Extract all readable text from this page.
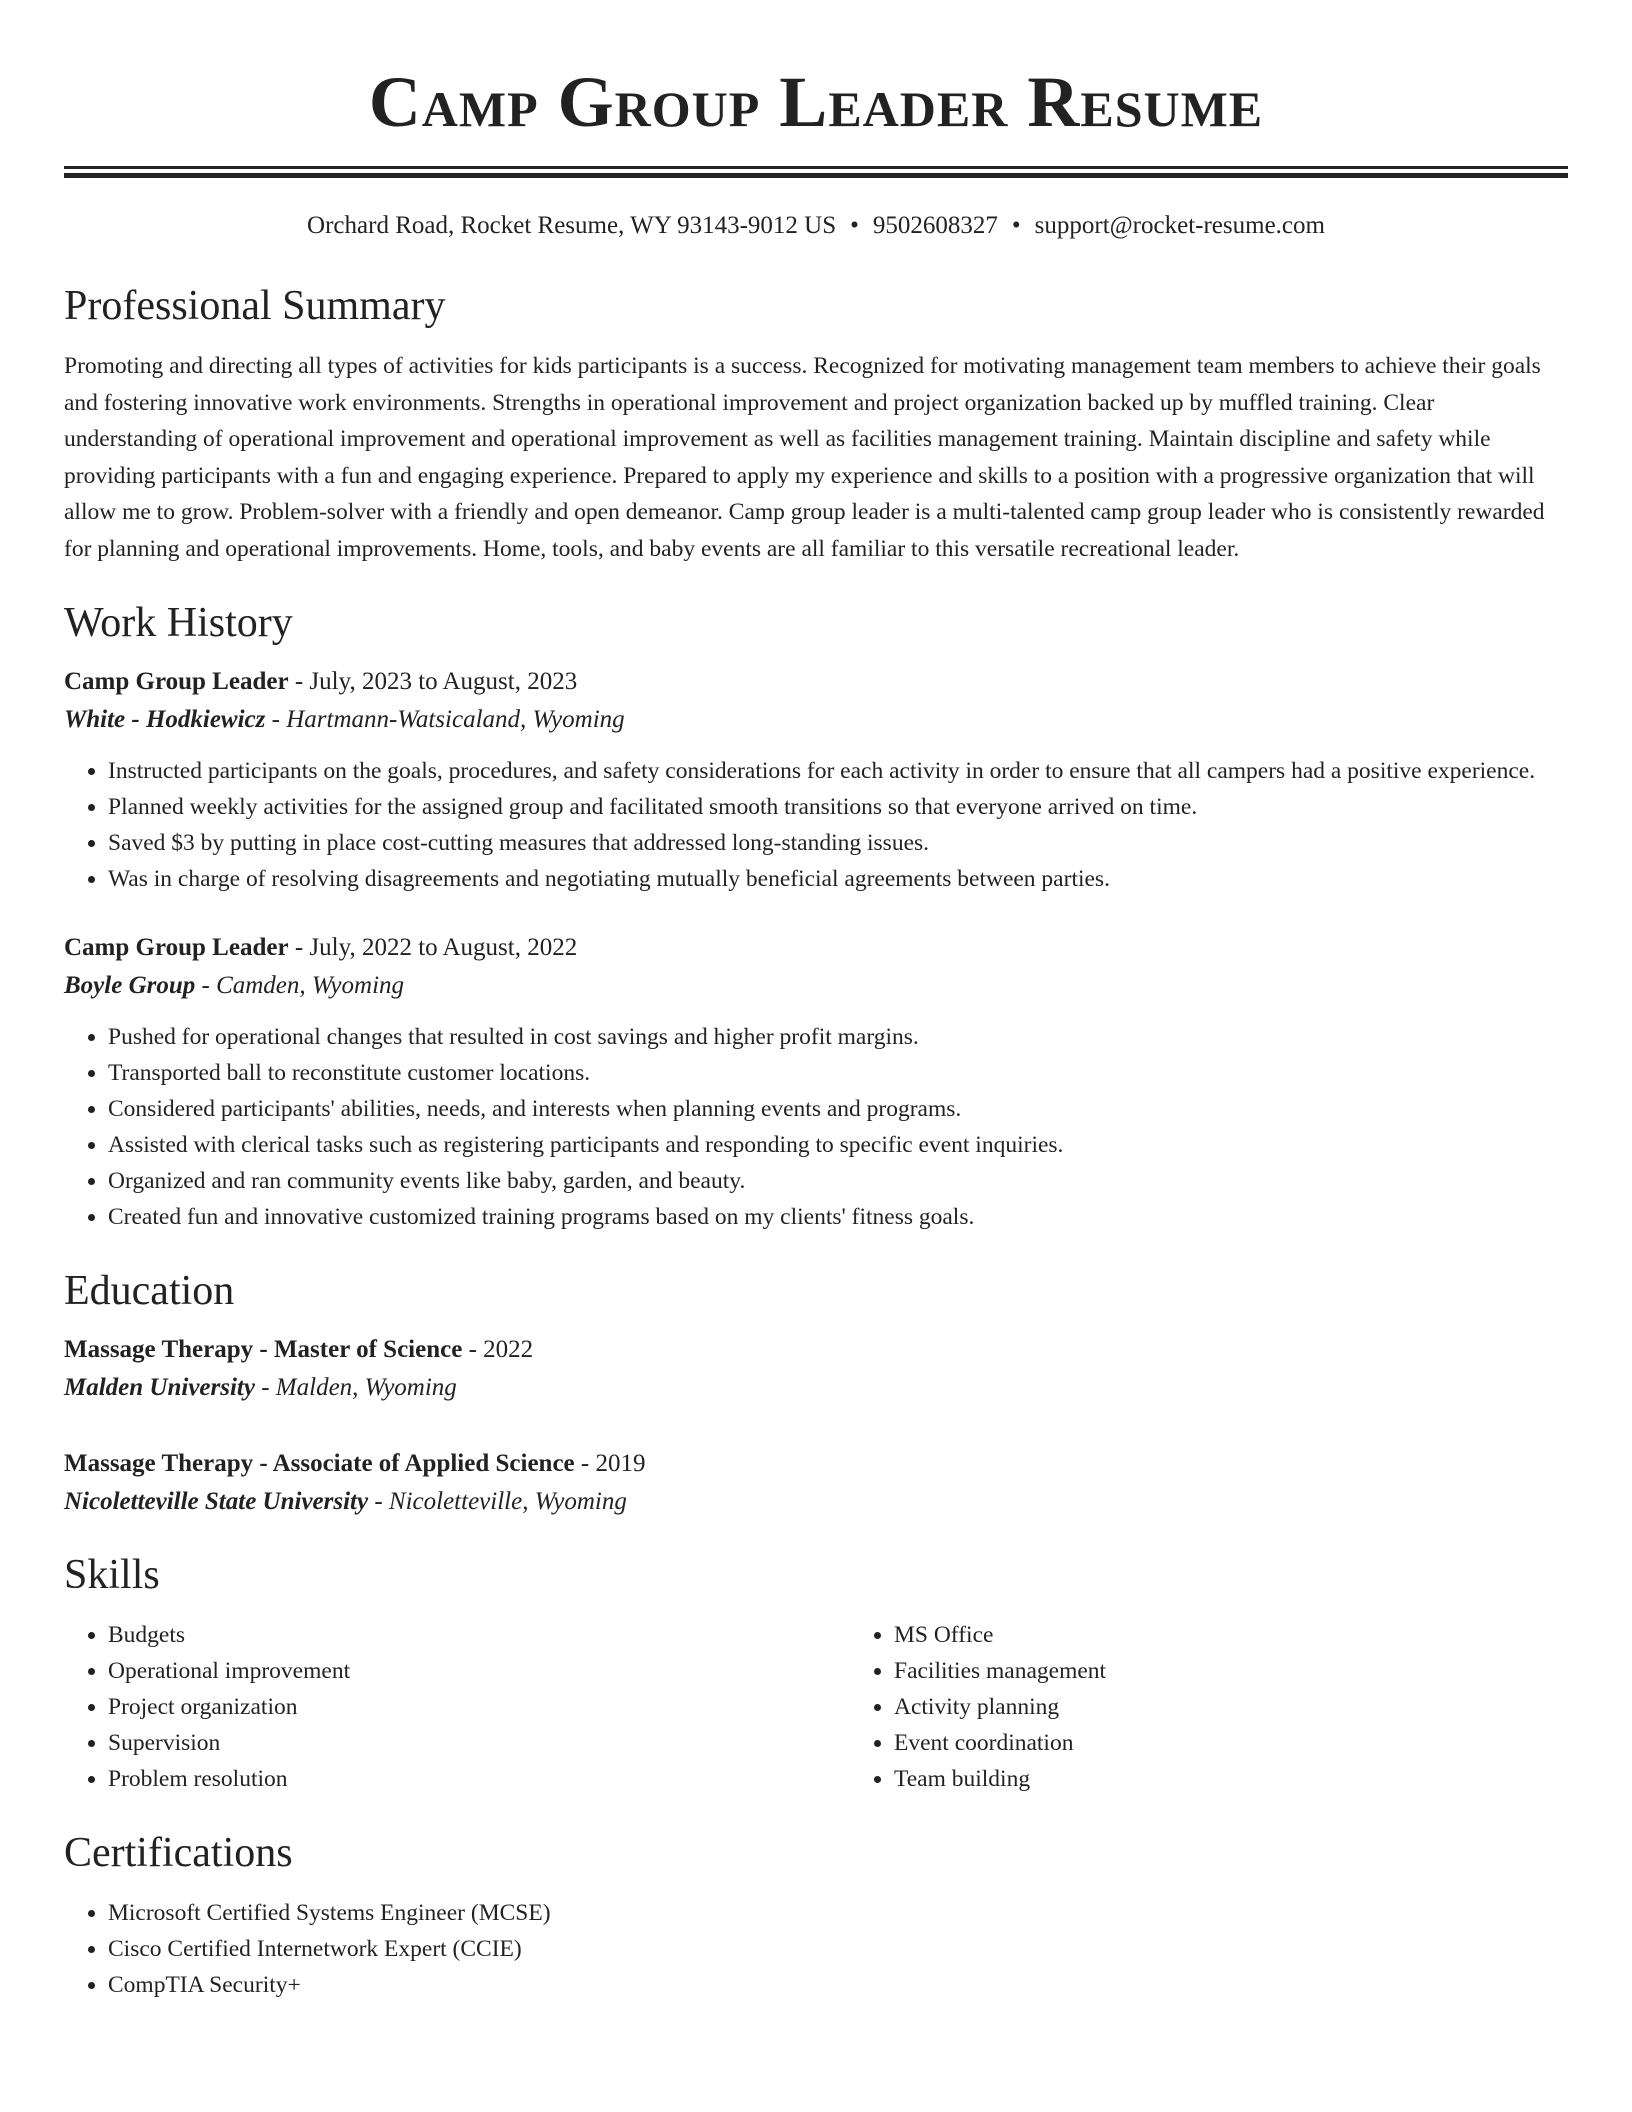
Camp Group Leader Resume
Orchard Road, Rocket Resume, WY 93143-9012 US • 9502608327 • support@rocket-resume.com
Professional Summary

Promoting and directing all types of activities for kids participants is a success. Recognized for motivating management team members to achieve their goals and fostering innovative work environments. Strengths in operational improvement and project organization backed up by muffled training. Clear understanding of operational improvement and operational improvement as well as facilities management training. Maintain discipline and safety while providing participants with a fun and engaging experience. Prepared to apply my experience and skills to a position with a progressive organization that will allow me to grow. Problem-solver with a friendly and open demeanor. Camp group leader is a multi-talented camp group leader who is consistently rewarded for planning and operational improvements. Home, tools, and baby events are all familiar to this versatile recreational leader.

Work History
Camp Group Leader - July, 2023 to August, 2023
White - Hodkiewicz - Hartmann-Watsicaland, Wyoming
• Instructed participants on the goals, procedures, and safety considerations for each activity in order to ensure that all campers had a positive experience.
• Planned weekly activities for the assigned group and facilitated smooth transitions so that everyone arrived on time.
• Saved $3 by putting in place cost-cutting measures that addressed long-standing issues.
• Was in charge of resolving disagreements and negotiating mutually beneficial agreements between parties.
Camp Group Leader - July, 2022 to August, 2022
Boyle Group - Camden, Wyoming
• Pushed for operational changes that resulted in cost savings and higher profit margins.
• Transported ball to reconstitute customer locations.
• Considered participants' abilities, needs, and interests when planning events and programs.
• Assisted with clerical tasks such as registering participants and responding to specific event inquiries.
• Organized and ran community events like baby, garden, and beauty.
• Created fun and innovative customized training programs based on my clients' fitness goals.
Education
Massage Therapy - Master of Science - 2022
Malden University - Malden, Wyoming
Massage Therapy - Associate of Applied Science - 2019
Nicoletteville State University - Nicoletteville, Wyoming
Skills
• Budgets
• Operational improvement
• Project organization
• Supervision
• Problem resolution
• MS Office
• Facilities management
• Activity planning
• Event coordination
• Team building
Certifications
• Microsoft Certified Systems Engineer (MCSE)
• Cisco Certified Internetwork Expert (CCIE)
• CompTIA Security+
